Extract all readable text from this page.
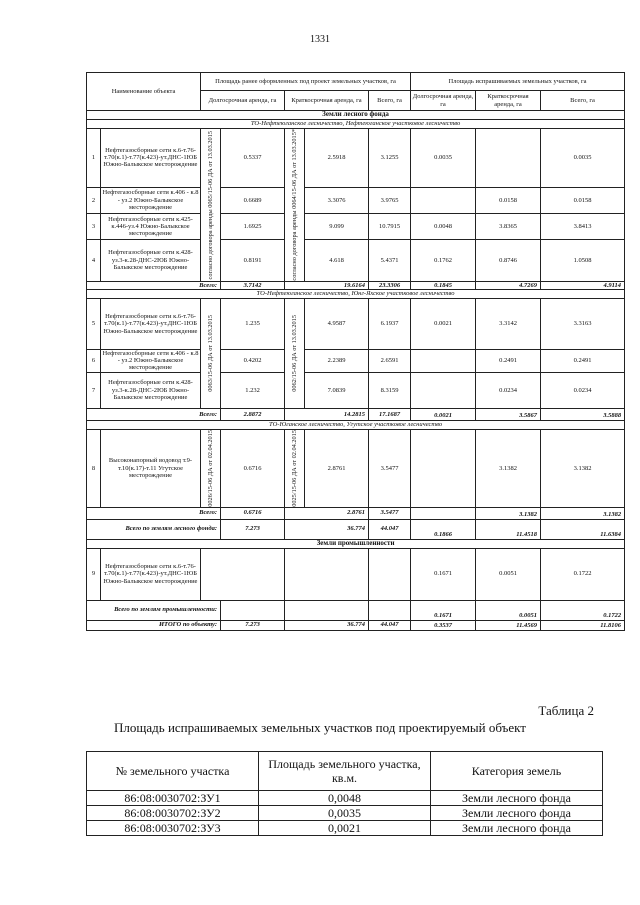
1331
Наименование объекта		Площадь ранее оформленных под проект земельных участков, га					Площадь испрашиваемых земельных участков, га		
		Долгосрочная аренда, га		Краткосрочная аренда, га		Всего, га	Долгосрочная аренда, га	Краткосрочная аренда, га	Всего, га
Земли лесного фонда									
ТО-Нефтеюганское лесничество, Нефтеюганское участковое лесничество									
1	Нефтегазосборные сети к.6-т.76-т.70(к.1)-т.77(к.423)-ут.ДНС-1ЮБ Южно-Балыкское месторождение	согласно договора аренды 0065/15-06 ДА от 13.03.2015	0.5337	согласно договора аренды 0064/15-06 ДА от 13.03.2015*	2.5918	3.1255	0.0035		0.0035
2	Нефтегазосборные сети к.406 - к.8 - уз.2 Южно-Балыкское месторождение		0.6689		3.3076	3.9765		0.0158	0.0158
3	Нефтегазосборные сети к.425-к.446-уз.4 Южно-Балыкское месторождение		1.6925		9.099	10.7915	0.0048	3.8365	3.8413
4	Нефтегазосборные сети к.428-уз.3-к.28-ДНС-2ЮБ Южно-Балыкское месторождение		0.8191		4.618	5.4371	0.1762	0.8746	1.0508
Всего:			3.7142	19.6164		23.3306	0.1845	4.7269	4.9114
ТО-Нефтеюганское лесничество, Юнг-Яхское участковое лесничество									
5	Нефтегазосборные сети к.6-т.76-т.70(к.1)-т.77(к.423)-ут.ДНС-1ЮБ Южно-Балыкское месторождение	0063/15-06 ДА от 13.03.2015	1.235	0062/15-06 ДА от 13.03.2015	4.9587	6.1937	0.0021	3.3142	3.3163
6	Нефтегазосборные сети к.406 - к.8 - уз.2 Южно-Балыкское месторождение		0.4202		2.2389	2.6591		0.2491	0.2491
7	Нефтегазосборные сети к.428-уз.3-к.28-ДНС-2ЮБ Южно-Балыкское месторождение		1.232		7.0839	8.3159		0.0234	0.0234
Всего:			2.8872	14.2815		17.1687	0.0021	3.5867	3.5888
ТО-Юганское лесничество, Угутское участковое лесничество									
8	Высоконапорный водовод т.9-т.10(к.17)-т.11 Угутское месторождение	0026/15-06 ДА от 02.04.2015	0.6716	0025/15-06 ДА от 02.04.2015	2.8761	3.5477		3.1382	3.1382
Всего:			0.6716	2.8761		3.5477		3.1382	3.1382
Всего по землям лесного фонда:			7.273	36.774		44.047	0.1866	11.4518	11.6384
Земли промышленности									
9	Нефтегазосборные сети к.6-т.76-т.70(к.1)-т.77(к.423)-ут.ДНС-1ЮБ Южно-Балыкское месторождение						0.1671	0.0051	0.1722
Всего по землям промышленности:							0.1671	0.0051	0.1722
ИТОГО по объекту:			7.273	36.774		44.047	0.3537	11.4569	11.8106
Таблица 2
Площадь испрашиваемых земельных участков под проектируемый объект
№ земельного участка	Площадь земельного участка, кв.м.	Категория земель
86:08:0030702:ЗУ1	0,0048	Земли лесного фонда
86:08:0030702:ЗУ2	0,0035	Земли лесного фонда
86:08:0030702:ЗУ3	0,0021	Земли лесного фонда
